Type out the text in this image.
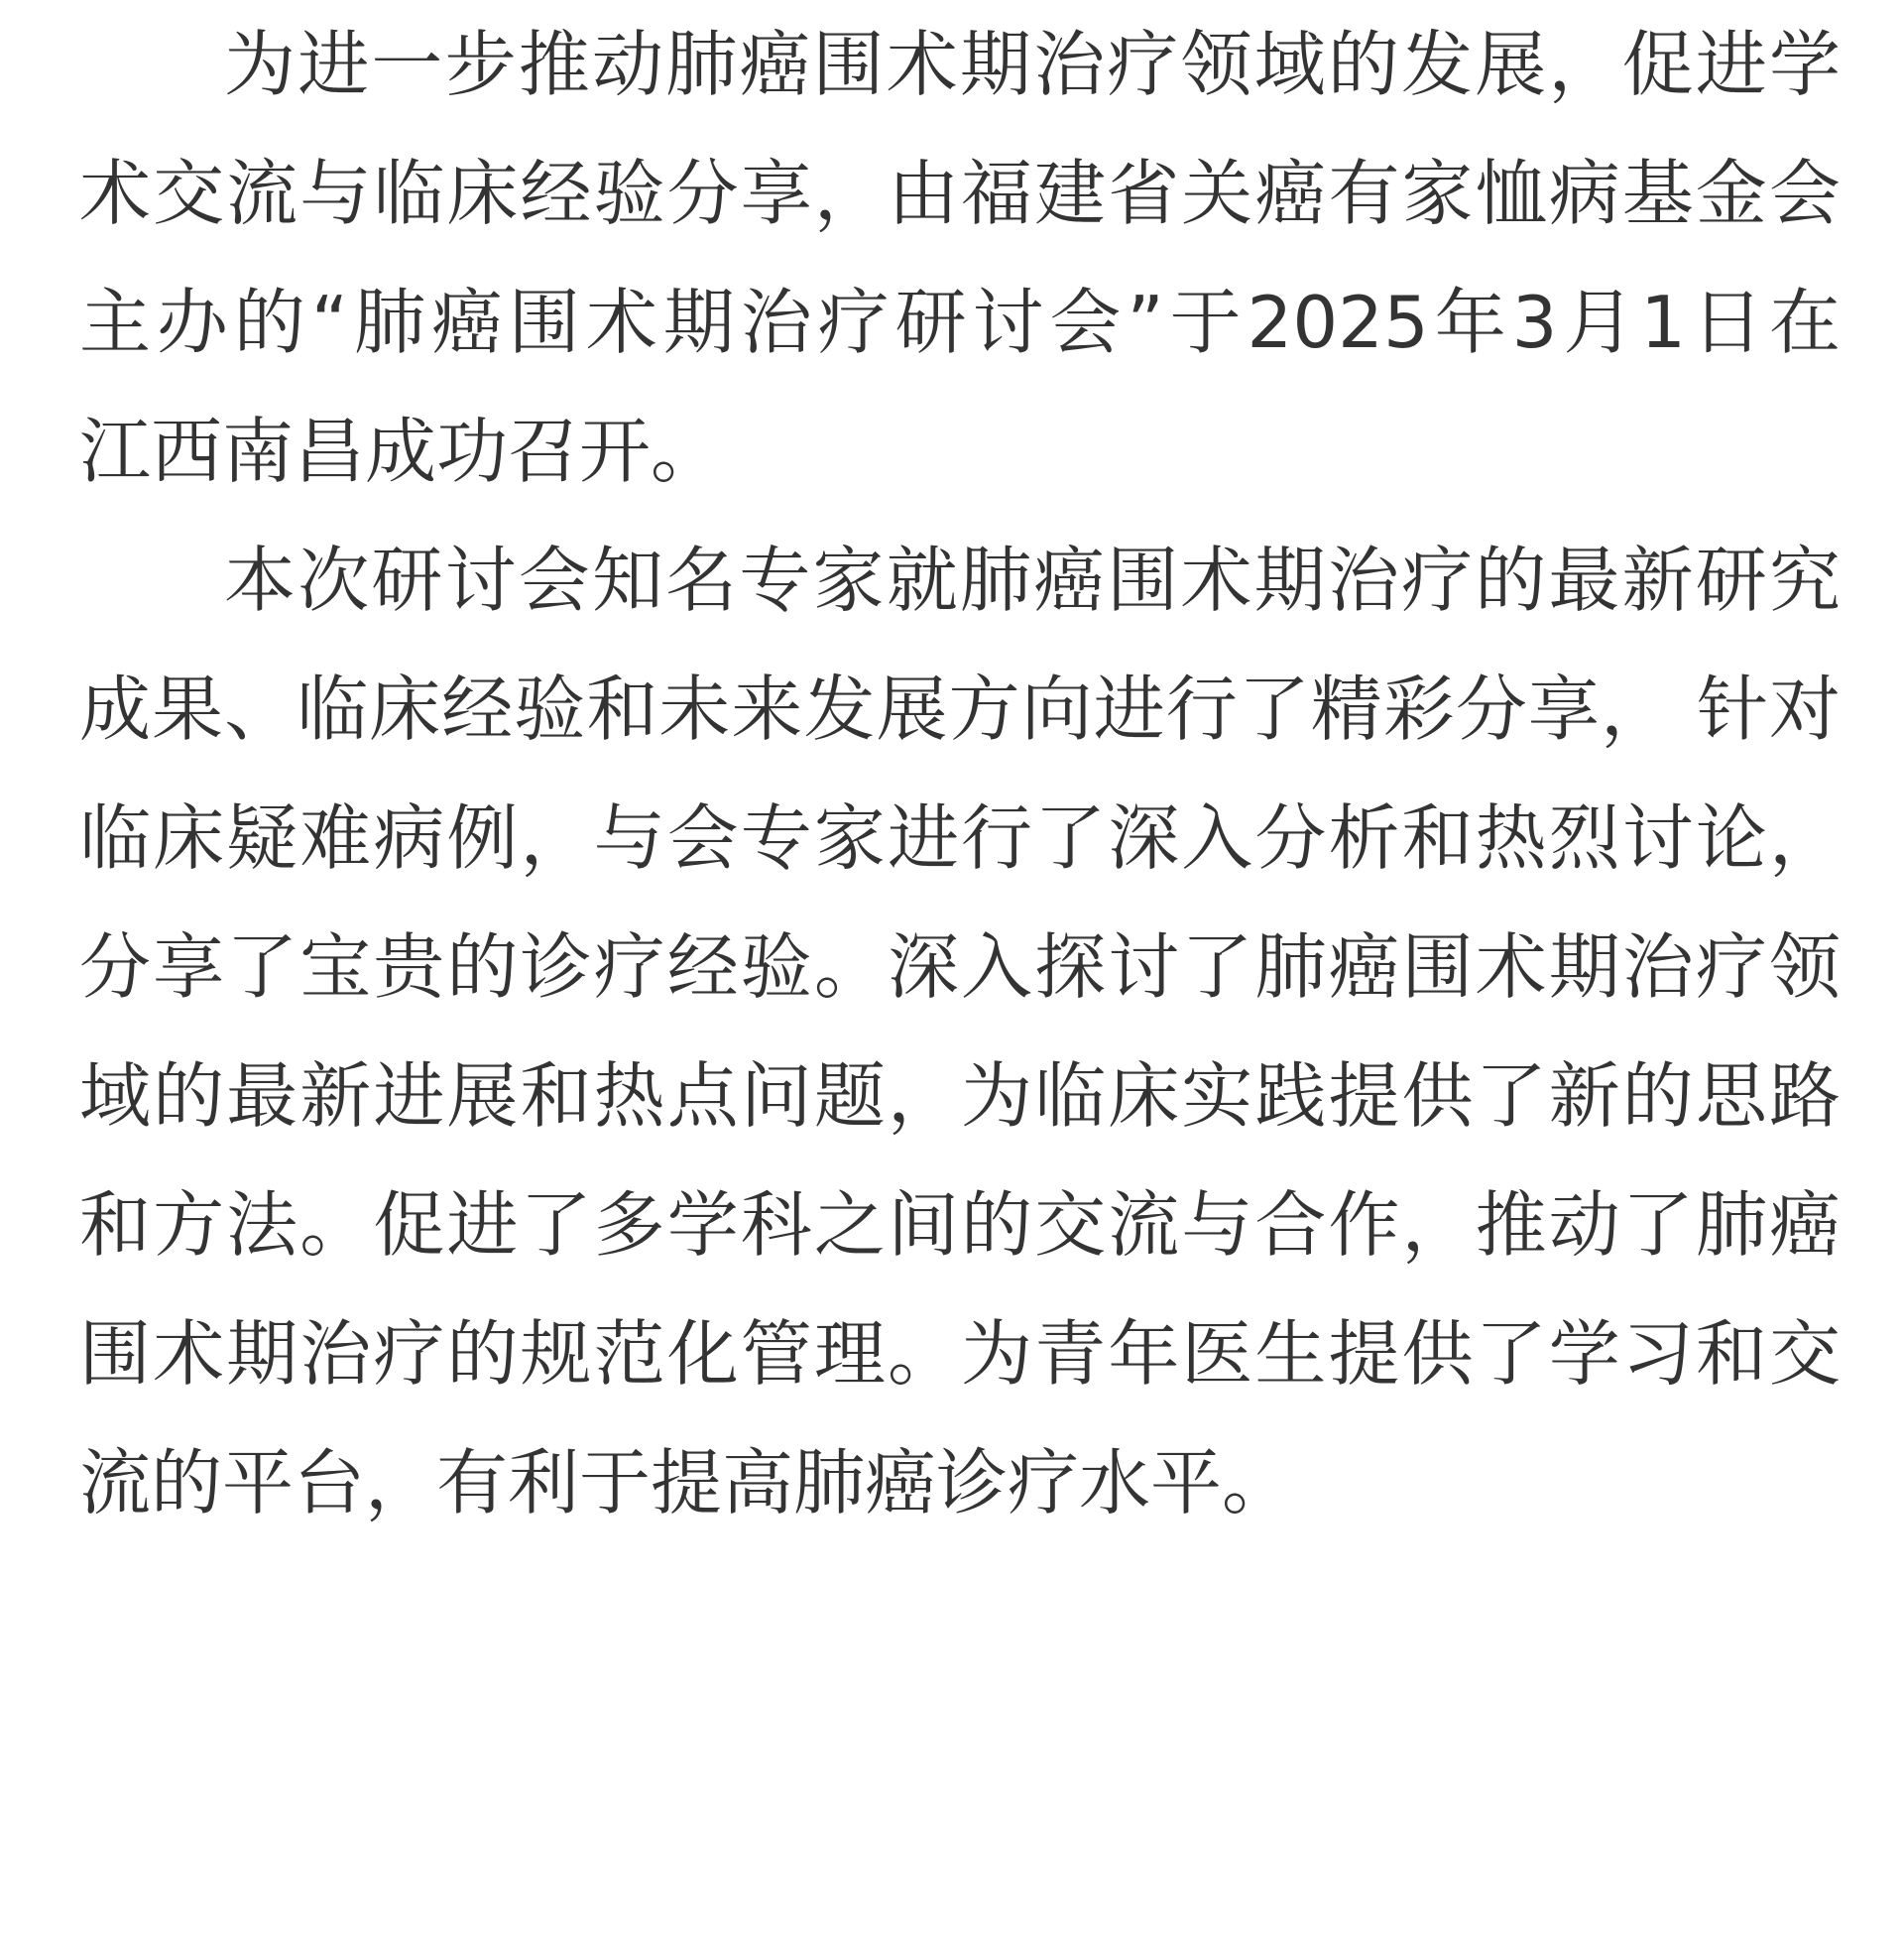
为进一步推动肺癌围术期治疗领域的发展，促进学
术交流与临床经验分享，由福建省关癌有家恤病基金会
主办的“肺癌围术期治疗研讨会”于2025年3月1日在
江西南昌成功召开。

本次研讨会知名专家就肺癌围术期治疗的最新研究
成果、临床经验和未来发展方向进行了精彩分享， 针对
临床疑难病例，与会专家进行了深入分析和热烈讨论，
分享了宝贵的诊疗经验。深入探讨了肺癌围术期治疗领
域的最新进展和热点问题，为临床实践提供了新的思路
和方法。促进了多学科之间的交流与合作，推动了肺癌
围术期治疗的规范化管理。为青年医生提供了学习和交
流的平台，有利于提高肺癌诊疗水平。
